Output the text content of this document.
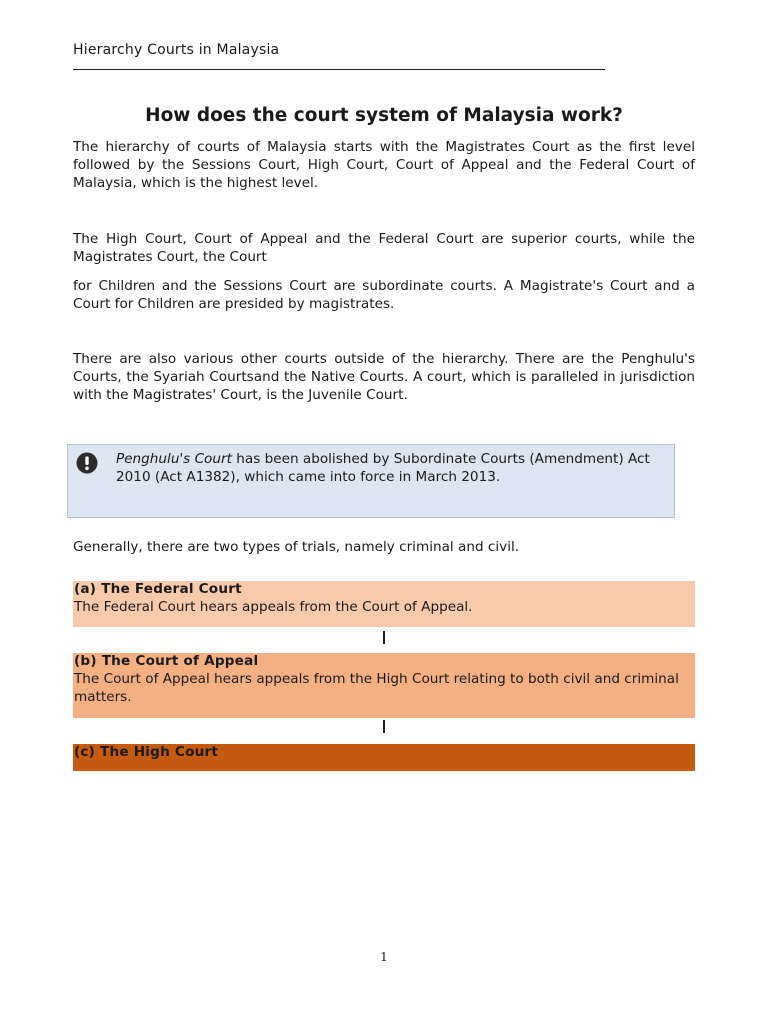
Hierarchy Courts in Malaysia
How does the court system of Malaysia work?

The hierarchy of courts of Malaysia starts with the Magistrates Court as the first level followed by the Sessions Court, High Court, Court of Appeal and the Federal Court of Malaysia, which is the highest level.

The High Court, Court of Appeal and the Federal Court are superior courts, while the Magistrates Court, the Court

for Children and the Sessions Court are subordinate courts. A Magistrate's Court and a Court for Children are presided by magistrates.

There are also various other courts outside of the hierarchy. There are the Penghulu's Courts, the Syariah Courtsand the Native Courts. A court, which is paralleled in jurisdiction with the Magistrates' Court, is the Juvenile Court.

Penghulu's Court has been abolished by Subordinate Courts (Amendment) Act 2010 (Act A1382), which came into force in March 2013.

Generally, there are two types of trials, namely criminal and civil.

(a) The Federal Court
The Federal Court hears appeals from the Court of Appeal.
(b) The Court of Appeal
The Court of Appeal hears appeals from the High Court relating to both civil and criminal matters.
(c) The High Court
1
